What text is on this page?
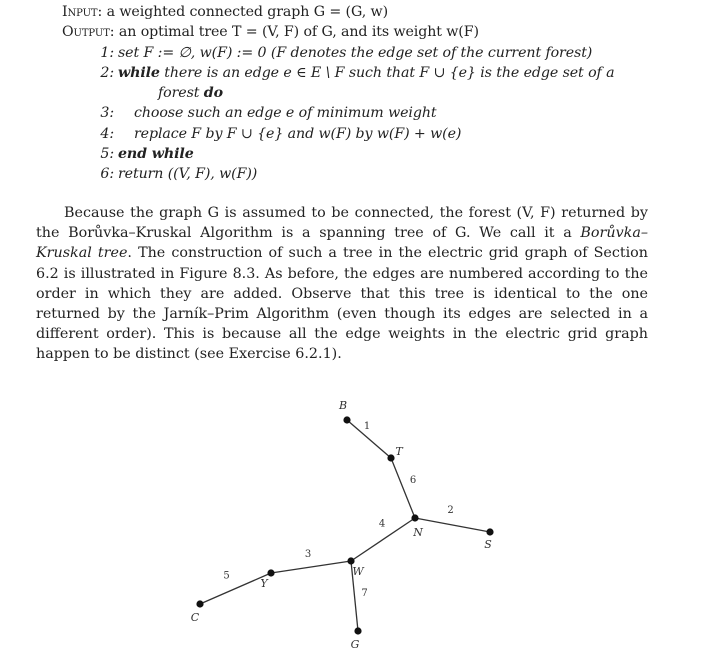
Input: a weighted connected graph G = (G, w)
Output: an optimal tree T = (V, F) of G, and its weight w(F)
1: set F := ∅, w(F) := 0 (F denotes the edge set of the current forest)
2: while there is an edge e ∈ E \ F such that F ∪ {e} is the edge set of a
forest do
3: choose such an edge e of minimum weight
4: replace F by F ∪ {e} and w(F) by w(F) + w(e)
5: end while
6: return ((V, F), w(F))
Because the graph G is assumed to be connected, the forest (V, F) returned by the Borůvka–Kruskal Algorithm is a spanning tree of G. We call it a Borůvka–Kruskal tree. The construction of such a tree in the electric grid graph of Section 6.2 is illustrated in Figure 8.3. As before, the edges are numbered according to the order in which they are added. Observe that this tree is identical to the one returned by the Jarník–Prim Algorithm (even though its edges are selected in a different order). This is because all the edge weights in the electric grid graph happen to be distinct (see Exercise 6.2.1).
1
2
3
4
5
6
7
B
T
N
S
W
Y
C
G
